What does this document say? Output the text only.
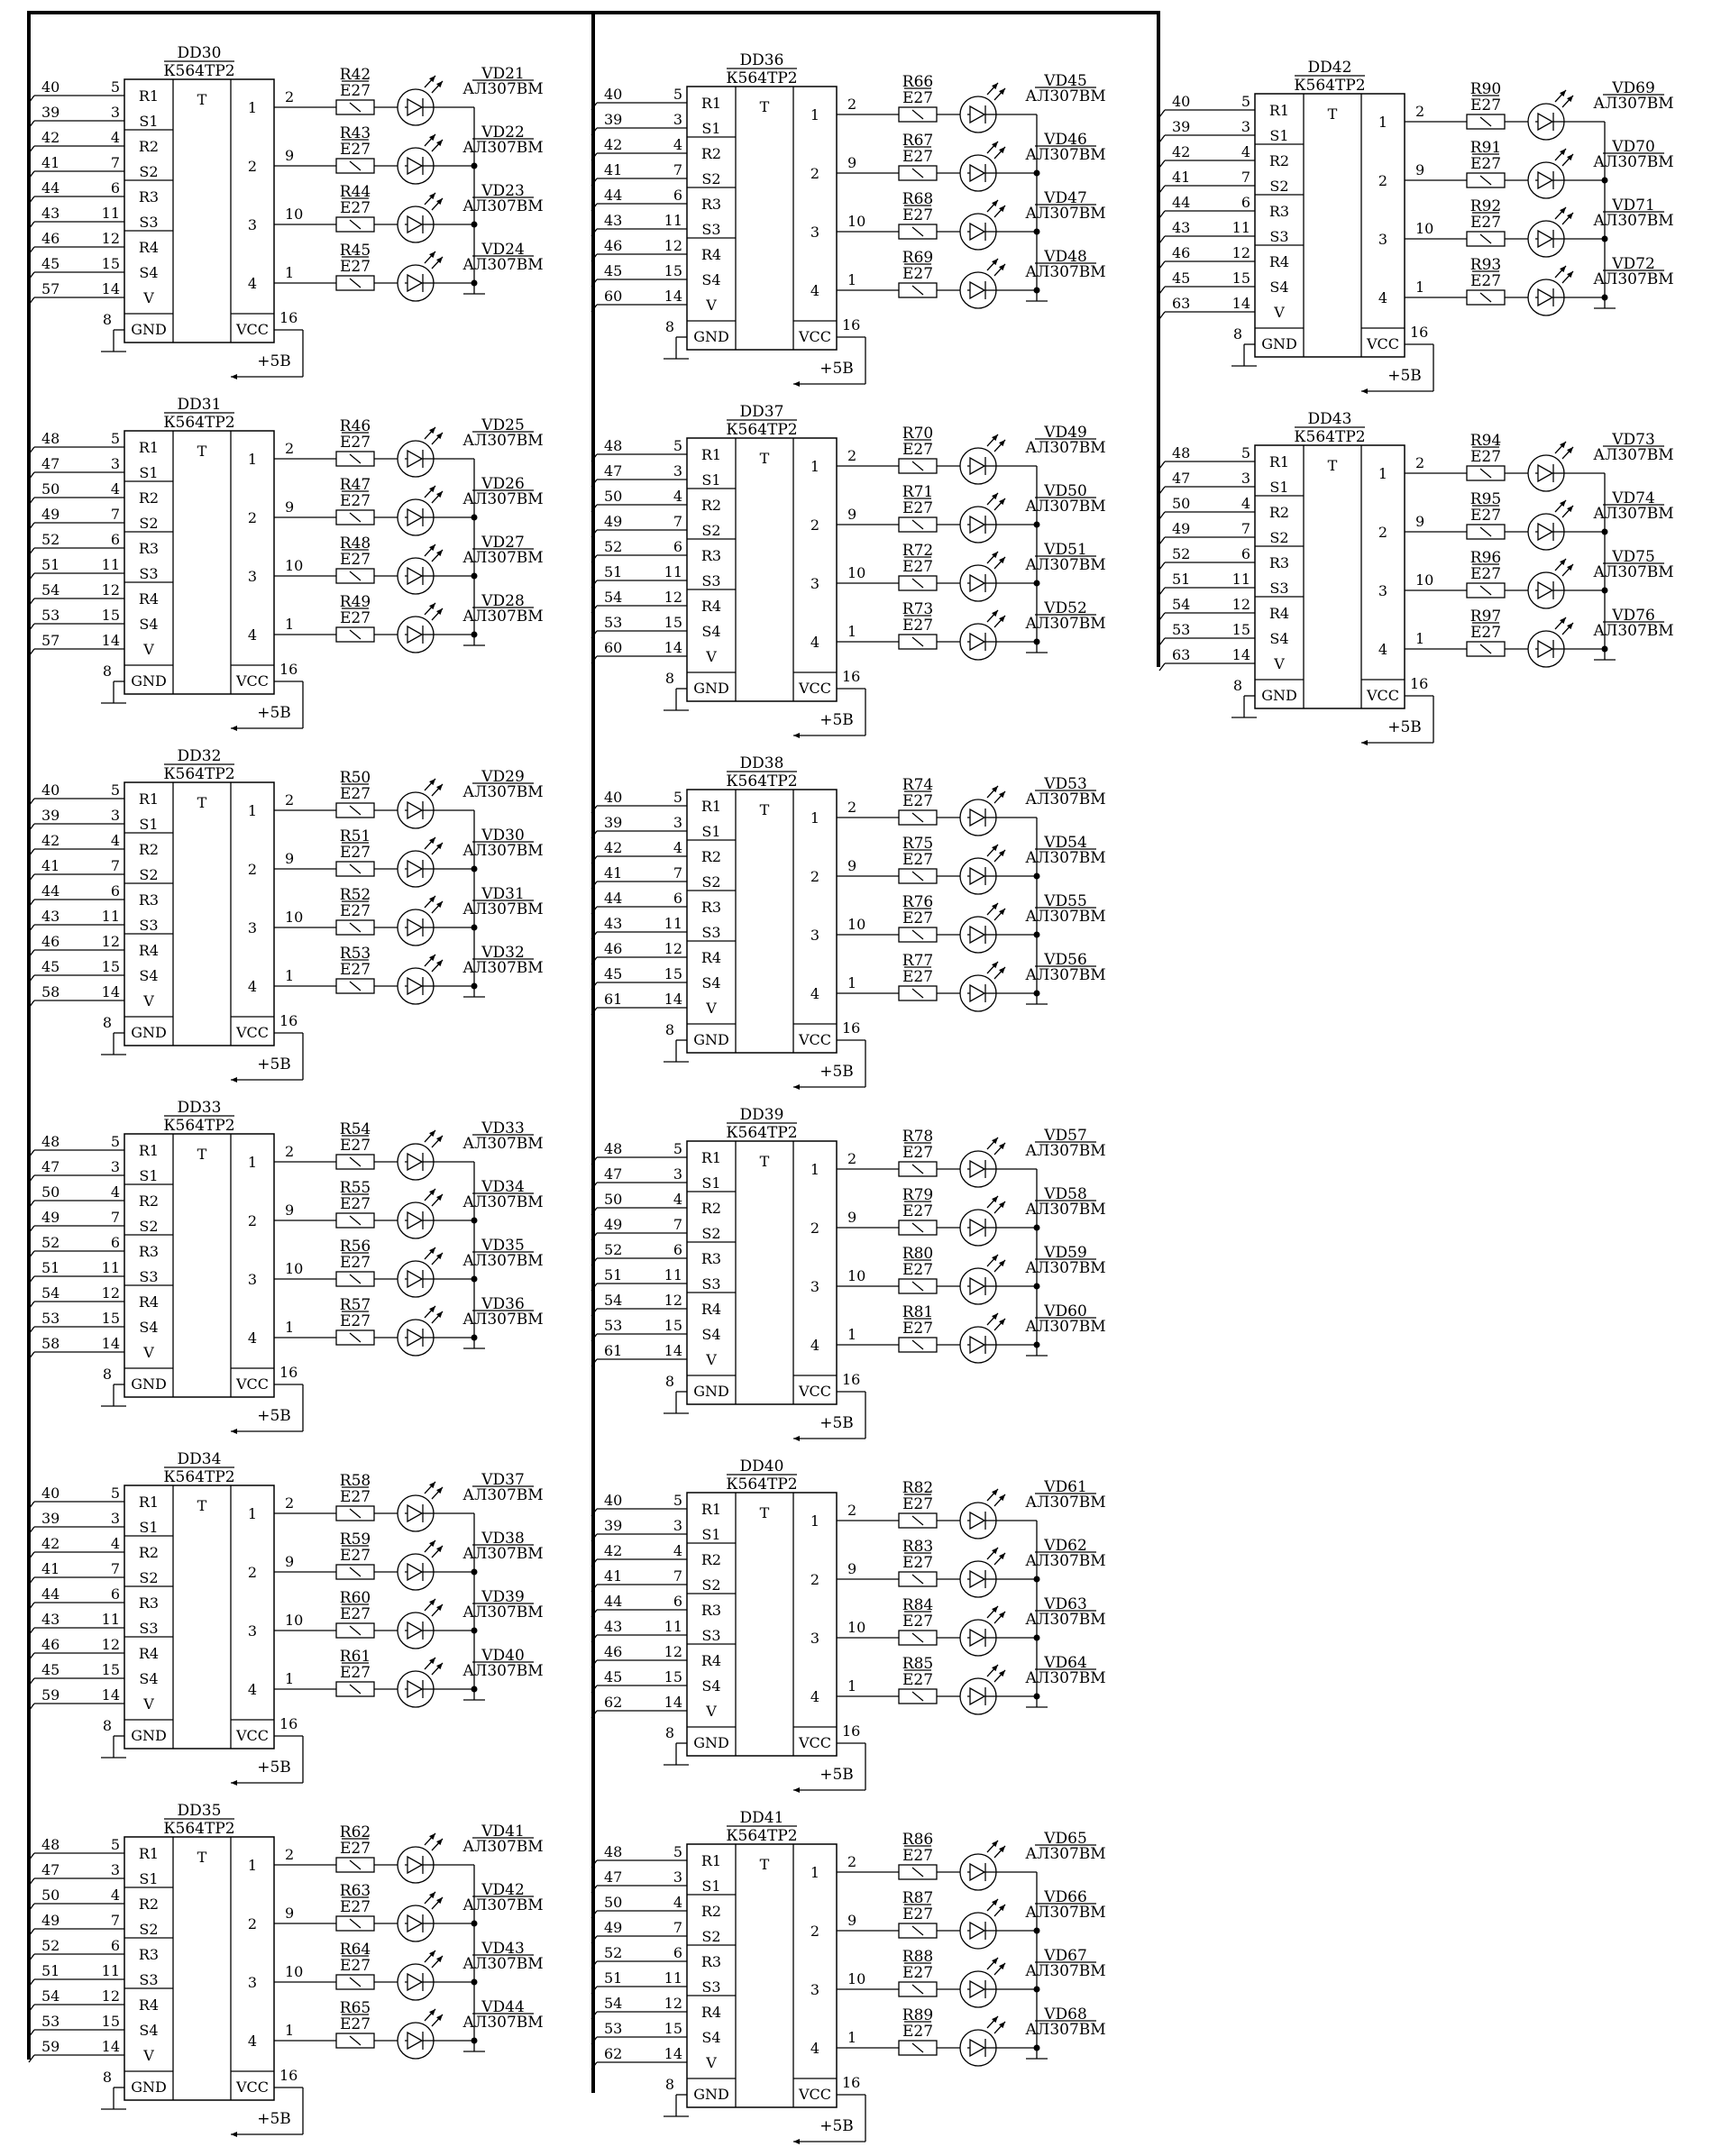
DD30
К564ТР2
T
40	5
R1
39	3
S1
42	4
R2
41	7
S2
44	6
R3
43	11
S3
46	12
R4
45	15
S4
57	14
V
GND
8
VCC
+5В
16
1
2
R42
E27
VD21
АЛ307ВМ
2
9
R43
E27
VD22
АЛ307ВМ
3
10
R44
E27
VD23
АЛ307ВМ
4
1
R45
E27
VD24
АЛ307ВМ
DD31
К564ТР2
T
48	5
R1
47	3
S1
50	4
R2
49	7
S2
52	6
R3
51	11
S3
54	12
R4
53	15
S4
57	14
V
GND
8
VCC
+5В
16
1
2
R46
E27
VD25
АЛ307ВМ
2
9
R47
E27
VD26
АЛ307ВМ
3
10
R48
E27
VD27
АЛ307ВМ
4
1
R49
E27
VD28
АЛ307ВМ
DD32
К564ТР2
T
40	5
R1
39	3
S1
42	4
R2
41	7
S2
44	6
R3
43	11
S3
46	12
R4
45	15
S4
58	14
V
GND
8
VCC
+5В
16
1
2
R50
E27
VD29
АЛ307ВМ
2
9
R51
E27
VD30
АЛ307ВМ
3
10
R52
E27
VD31
АЛ307ВМ
4
1
R53
E27
VD32
АЛ307ВМ
DD33
К564ТР2
T
48	5
R1
47	3
S1
50	4
R2
49	7
S2
52	6
R3
51	11
S3
54	12
R4
53	15
S4
58	14
V
GND
8
VCC
+5В
16
1
2
R54
E27
VD33
АЛ307ВМ
2
9
R55
E27
VD34
АЛ307ВМ
3
10
R56
E27
VD35
АЛ307ВМ
4
1
R57
E27
VD36
АЛ307ВМ
DD34
К564ТР2
T
40	5
R1
39	3
S1
42	4
R2
41	7
S2
44	6
R3
43	11
S3
46	12
R4
45	15
S4
59	14
V
GND
8
VCC
+5В
16
1
2
R58
E27
VD37
АЛ307ВМ
2
9
R59
E27
VD38
АЛ307ВМ
3
10
R60
E27
VD39
АЛ307ВМ
4
1
R61
E27
VD40
АЛ307ВМ
DD35
К564ТР2
T
48	5
R1
47	3
S1
50	4
R2
49	7
S2
52	6
R3
51	11
S3
54	12
R4
53	15
S4
59	14
V
GND
8
VCC
+5В
16
1
2
R62
E27
VD41
АЛ307ВМ
2
9
R63
E27
VD42
АЛ307ВМ
3
10
R64
E27
VD43
АЛ307ВМ
4
1
R65
E27
VD44
АЛ307ВМ
DD36
К564ТР2
T
40	5
R1
39	3
S1
42	4
R2
41	7
S2
44	6
R3
43	11
S3
46	12
R4
45	15
S4
60	14
V
GND
8
VCC
+5В
16
1
2
R66
E27
VD45
АЛ307ВМ
2
9
R67
E27
VD46
АЛ307ВМ
3
10
R68
E27
VD47
АЛ307ВМ
4
1
R69
E27
VD48
АЛ307ВМ
DD37
К564ТР2
T
48	5
R1
47	3
S1
50	4
R2
49	7
S2
52	6
R3
51	11
S3
54	12
R4
53	15
S4
60	14
V
GND
8
VCC
+5В
16
1
2
R70
E27
VD49
АЛ307ВМ
2
9
R71
E27
VD50
АЛ307ВМ
3
10
R72
E27
VD51
АЛ307ВМ
4
1
R73
E27
VD52
АЛ307ВМ
DD38
К564ТР2
T
40	5
R1
39	3
S1
42	4
R2
41	7
S2
44	6
R3
43	11
S3
46	12
R4
45	15
S4
61	14
V
GND
8
VCC
+5В
16
1
2
R74
E27
VD53
АЛ307ВМ
2
9
R75
E27
VD54
АЛ307ВМ
3
10
R76
E27
VD55
АЛ307ВМ
4
1
R77
E27
VD56
АЛ307ВМ
DD39
К564ТР2
T
48	5
R1
47	3
S1
50	4
R2
49	7
S2
52	6
R3
51	11
S3
54	12
R4
53	15
S4
61	14
V
GND
8
VCC
+5В
16
1
2
R78
E27
VD57
АЛ307ВМ
2
9
R79
E27
VD58
АЛ307ВМ
3
10
R80
E27
VD59
АЛ307ВМ
4
1
R81
E27
VD60
АЛ307ВМ
DD40
К564ТР2
T
40	5
R1
39	3
S1
42	4
R2
41	7
S2
44	6
R3
43	11
S3
46	12
R4
45	15
S4
62	14
V
GND
8
VCC
+5В
16
1
2
R82
E27
VD61
АЛ307ВМ
2
9
R83
E27
VD62
АЛ307ВМ
3
10
R84
E27
VD63
АЛ307ВМ
4
1
R85
E27
VD64
АЛ307ВМ
DD41
К564ТР2
T
48	5
R1
47	3
S1
50	4
R2
49	7
S2
52	6
R3
51	11
S3
54	12
R4
53	15
S4
62	14
V
GND
8
VCC
+5В
16
1
2
R86
E27
VD65
АЛ307ВМ
2
9
R87
E27
VD66
АЛ307ВМ
3
10
R88
E27
VD67
АЛ307ВМ
4
1
R89
E27
VD68
АЛ307ВМ
DD42
К564ТР2
T
40	5
R1
39	3
S1
42	4
R2
41	7
S2
44	6
R3
43	11
S3
46	12
R4
45	15
S4
63	14
V
GND
8
VCC
+5В
16
1
2
R90
E27
VD69
АЛ307ВМ
2
9
R91
E27
VD70
АЛ307ВМ
3
10
R92
E27
VD71
АЛ307ВМ
4
1
R93
E27
VD72
АЛ307ВМ
DD43
К564ТР2
T
48	5
R1
47	3
S1
50	4
R2
49	7
S2
52	6
R3
51	11
S3
54	12
R4
53	15
S4
63	14
V
GND
8
VCC
+5В
16
1
2
R94
E27
VD73
АЛ307ВМ
2
9
R95
E27
VD74
АЛ307ВМ
3
10
R96
E27
VD75
АЛ307ВМ
4
1
R97
E27
VD76
АЛ307ВМ
